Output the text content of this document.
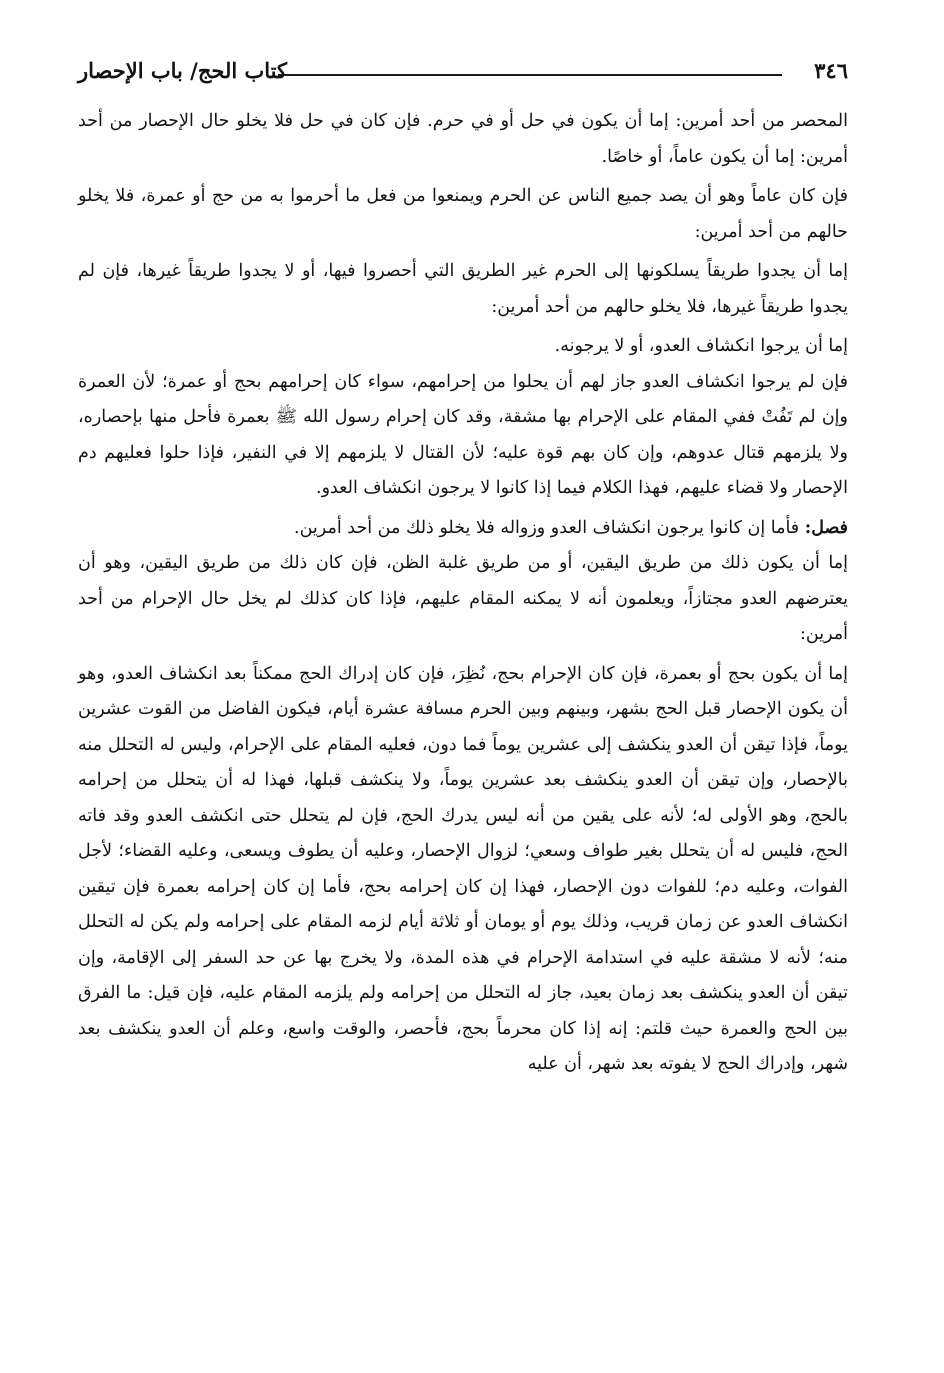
٣٤٦
كتاب الحج/ باب الإحصار

المحصر من أحد أمرين: إما أن يكون في حل أو في حرم. فإن كان في حل فلا يخلو حال الإحصار من أحد أمرين: إما أن يكون عاماً، أو خاصًا.

فإن كان عاماً وهو أن يصد جميع الناس عن الحرم ويمنعوا من فعل ما أحرموا به من حج أو عمرة، فلا يخلو حالهم من أحد أمرين:

إما أن يجدوا طريقاً يسلكونها إلى الحرم غير الطريق التي أحصروا فيها، أو لا يجدوا طريقاً غيرها، فإن لم يجدوا طريقاً غيرها، فلا يخلو حالهم من أحد أمرين:

إما أن يرجوا انكشاف العدو، أو لا يرجونه.

فإن لم يرجوا انكشاف العدو جاز لهم أن يحلوا من إحرامهم، سواء كان إحرامهم بحج أو عمرة؛ لأن العمرة وإن لم تَفُتْ ففي المقام على الإحرام بها مشقة، وقد كان إحرام رسول الله ﷺ بعمرة فأحل منها بإحصاره، ولا يلزمهم قتال عدوهم، وإن كان بهم قوة عليه؛ لأن القتال لا يلزمهم إلا في النفير، فإذا حلوا فعليهم دم الإحصار ولا قضاء عليهم، فهذا الكلام فيما إذا كانوا لا يرجون انكشاف العدو.

فصل: فأما إن كانوا يرجون انكشاف العدو وزواله فلا يخلو ذلك من أحد أمرين.

إما أن يكون ذلك من طريق اليقين، أو من طريق غلبة الظن، فإن كان ذلك من طريق اليقين، وهو أن يعترضهم العدو مجتازاً، ويعلمون أنه لا يمكنه المقام عليهم، فإذا كان كذلك لم يخل حال الإحرام من أحد أمرين:

إما أن يكون بحج أو بعمرة، فإن كان الإحرام بحج، نُظِرَ، فإن كان إدراك الحج ممكناً بعد انكشاف العدو، وهو أن يكون الإحصار قبل الحج بشهر، وبينهم وبين الحرم مسافة عشرة أيام، فيكون الفاضل من القوت عشرين يوماً، فإذا تيقن أن العدو ينكشف إلى عشرين يوماً فما دون، فعليه المقام على الإحرام، وليس له التحلل منه بالإحصار، وإن تيقن أن العدو ينكشف بعد عشرين يوماً، ولا ينكشف قبلها، فهذا له أن يتحلل من إحرامه بالحج، وهو الأولى له؛ لأنه على يقين من أنه ليس يدرك الحج، فإن لم يتحلل حتى انكشف العدو وقد فاته الحج، فليس له أن يتحلل بغير طواف وسعي؛ لزوال الإحصار، وعليه أن يطوف ويسعى، وعليه القضاء؛ لأجل الفوات، وعليه دم؛ للفوات دون الإحصار، فهذا إن كان إحرامه بحج، فأما إن كان إحرامه بعمرة فإن تيقين انكشاف العدو عن زمان قريب، وذلك يوم أو يومان أو ثلاثة أيام لزمه المقام على إحرامه ولم يكن له التحلل منه؛ لأنه لا مشقة عليه في استدامة الإحرام في هذه المدة، ولا يخرج بها عن حد السفر إلى الإقامة، وإن تيقن أن العدو ينكشف بعد زمان بعيد، جاز له التحلل من إحرامه ولم يلزمه المقام عليه، فإن قيل: ما الفرق بين الحج والعمرة حيث قلتم: إنه إذا كان محرماً بحج، فأحصر، والوقت واسع، وعلم أن العدو ينكشف بعد شهر، وإدراك الحج لا يفوته بعد شهر، أن عليه
